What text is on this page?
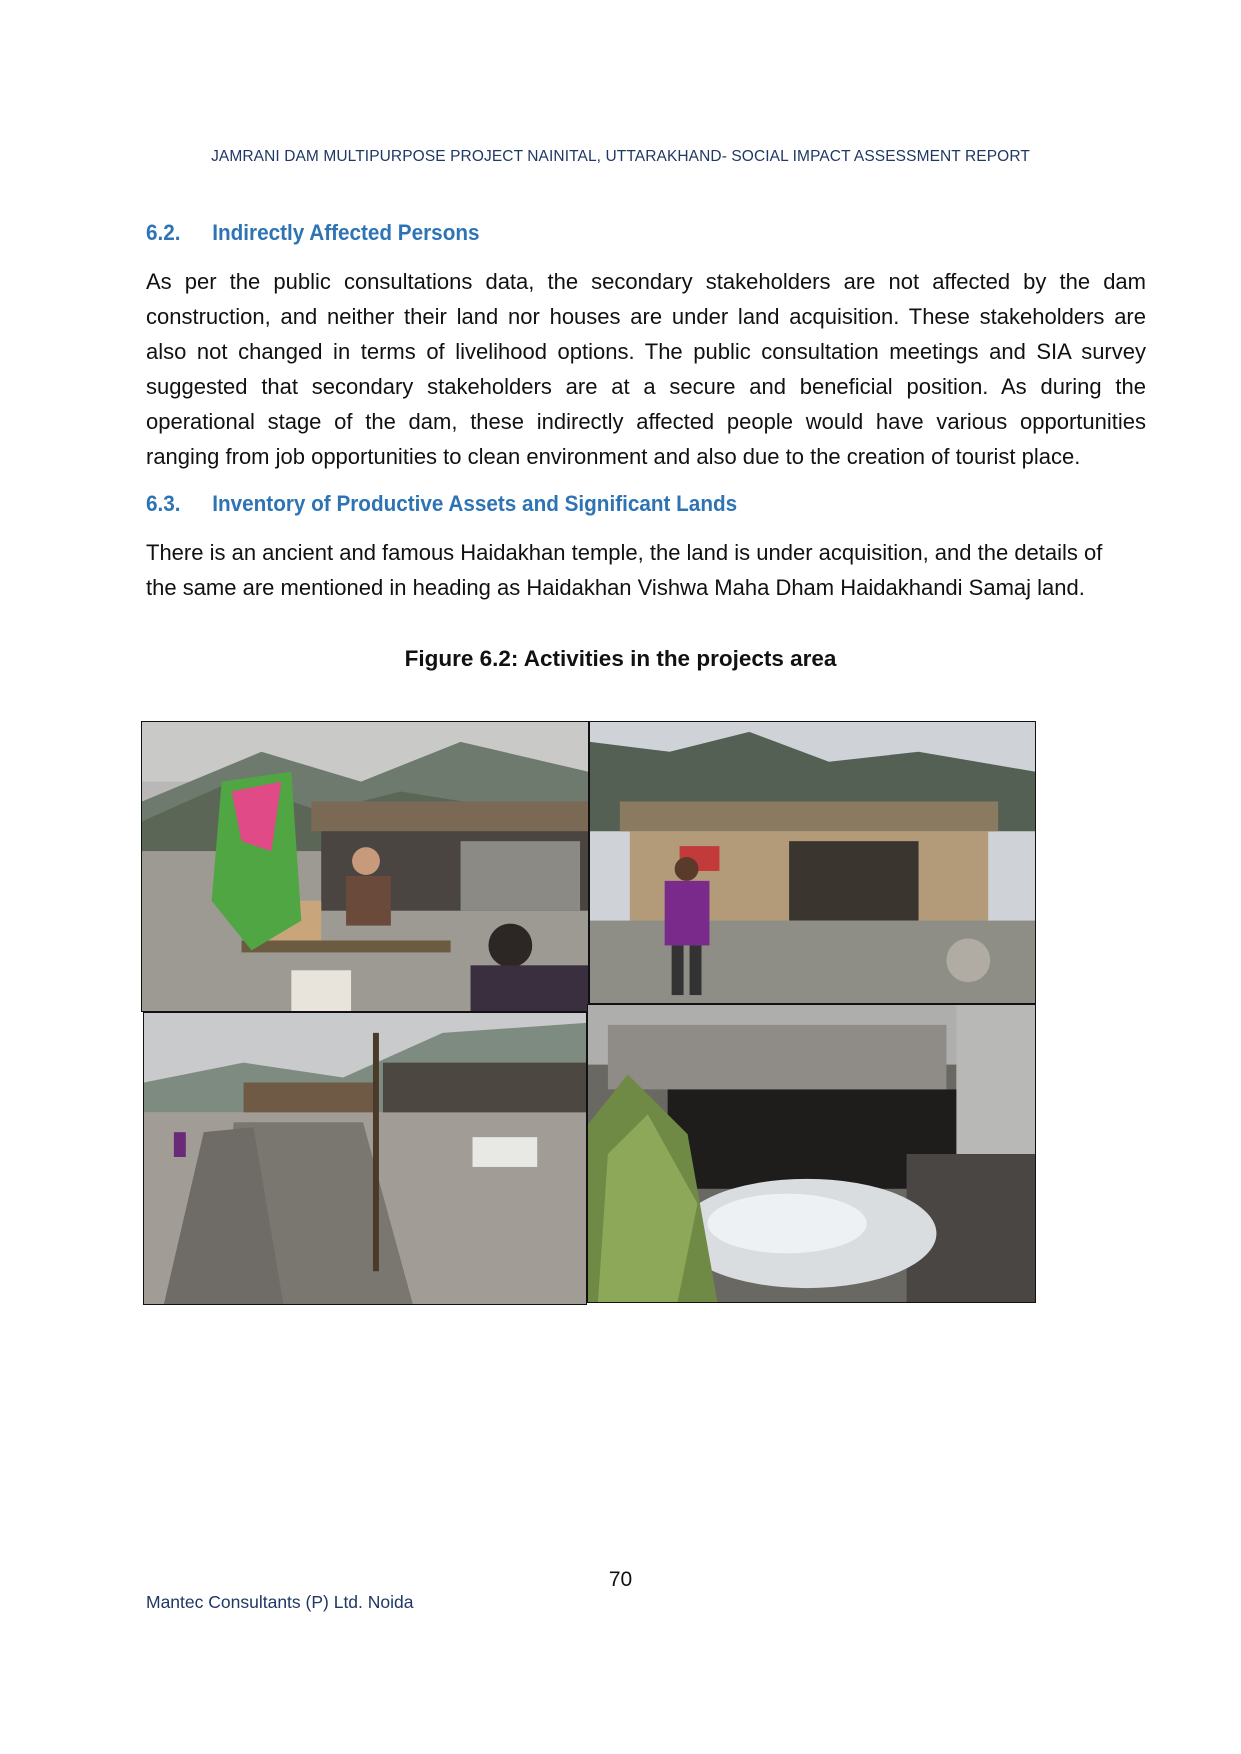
JAMRANI DAM MULTIPURPOSE PROJECT NAINITAL, UTTARAKHAND- SOCIAL IMPACT ASSESSMENT REPORT
6.2. Indirectly Affected Persons

As per the public consultations data, the secondary stakeholders are not affected by the dam
construction, and neither their land nor houses are under land acquisition. These stakeholders are
also not changed in terms of livelihood options. The public consultation meetings and SIA survey
suggested that secondary stakeholders are at a secure and beneficial position. As during the
operational stage of the dam, these indirectly affected people would have various opportunities
ranging from job opportunities to clean environment and also due to the creation of tourist place.

6.3. Inventory of Productive Assets and Significant Lands

There is an ancient and famous Haidakhan temple, the land is under acquisition, and the details of
the same are mentioned in heading as Haidakhan Vishwa Maha Dham Haidakhandi Samaj land.

Figure 6.2: Activities in the projects area
70
Mantec Consultants (P) Ltd. Noida
